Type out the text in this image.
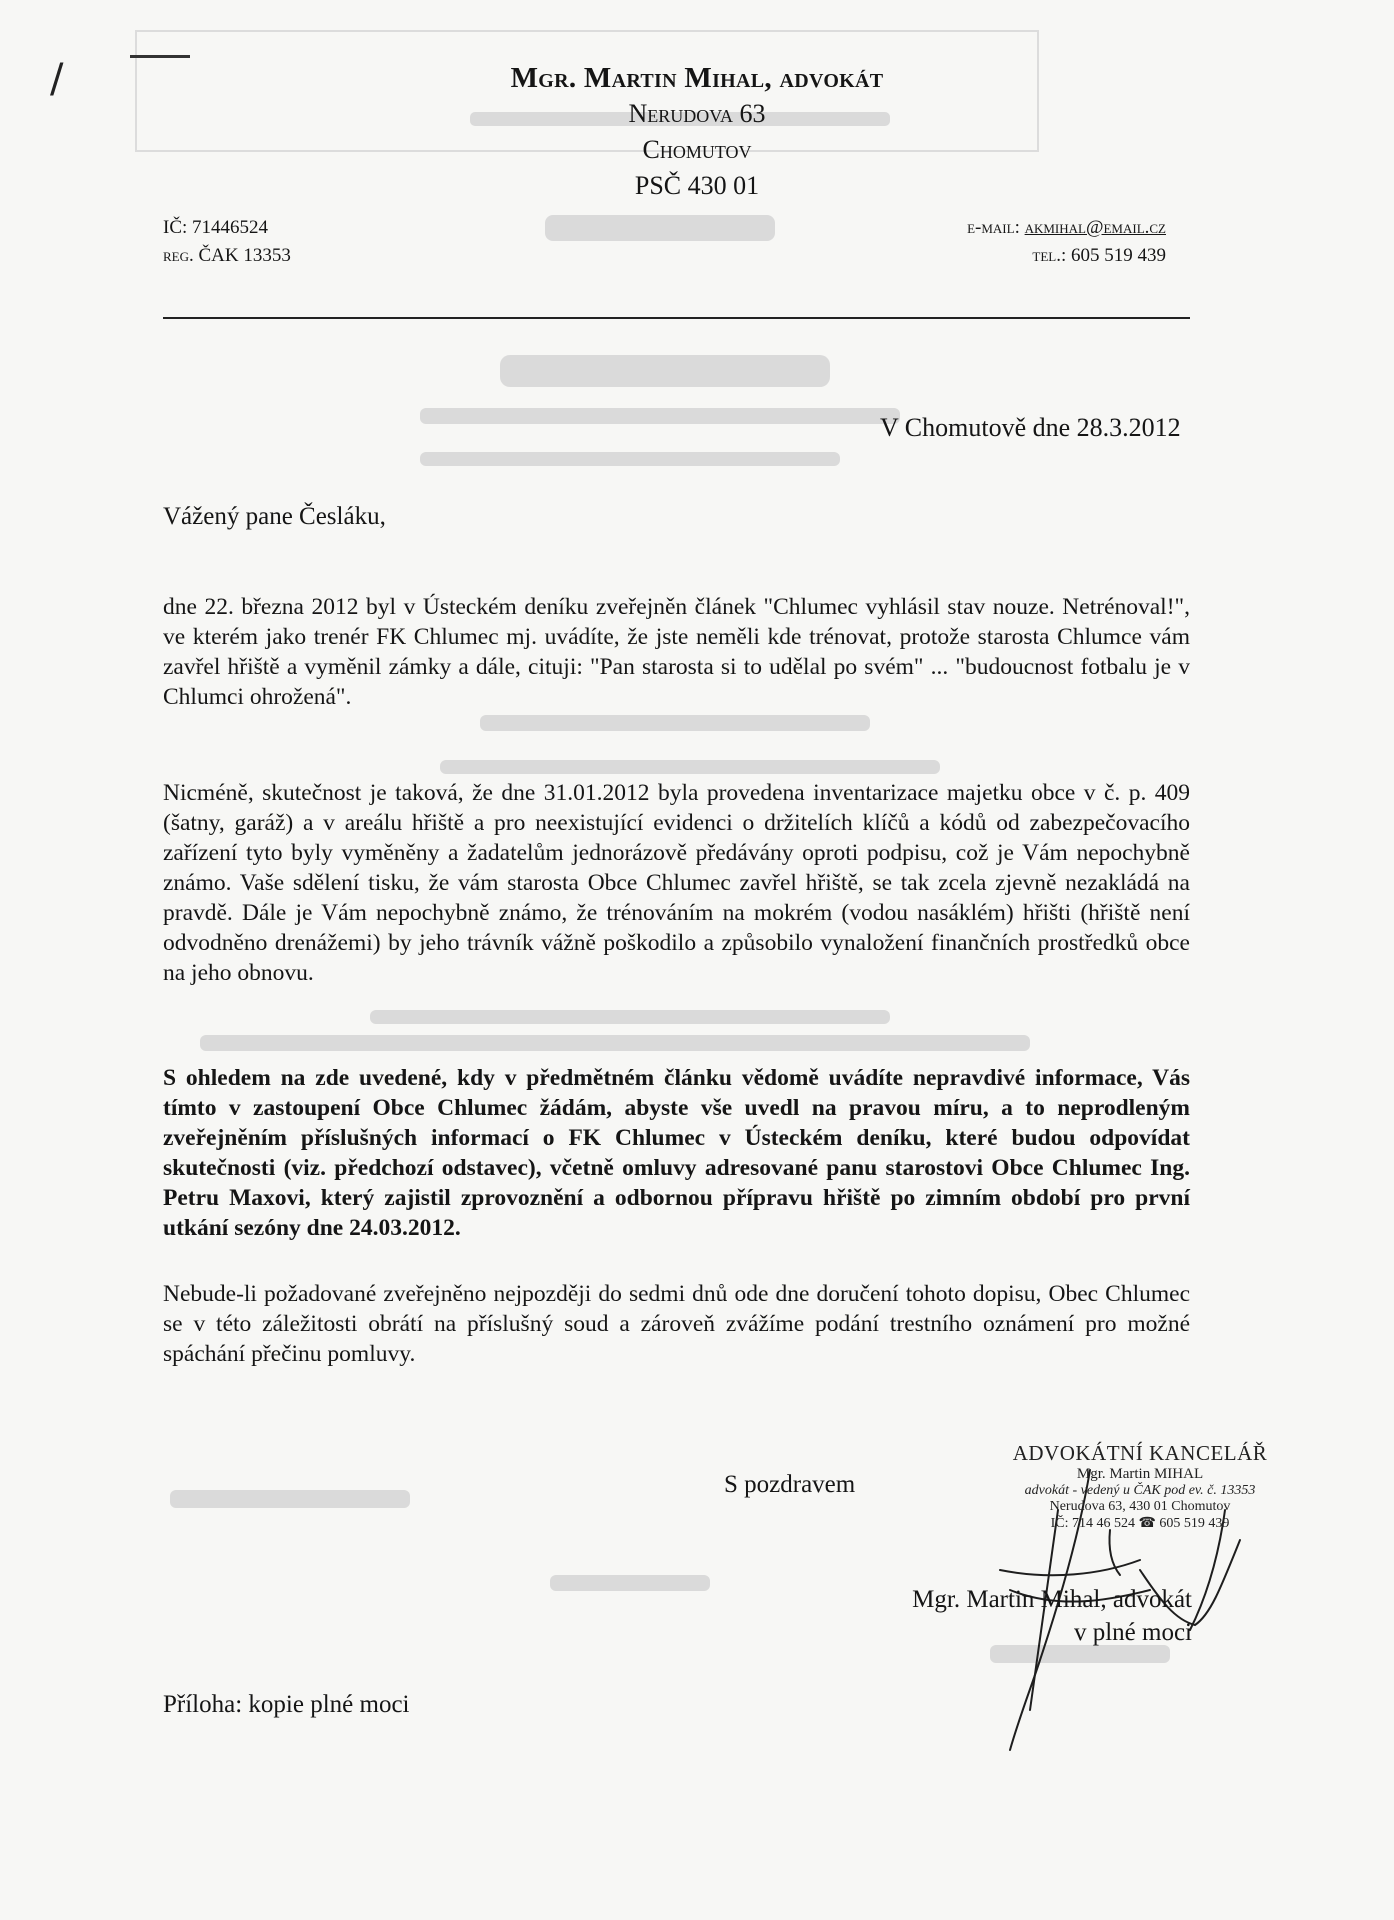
/	Mgr. Martin Mihal, advokát
Nerudova 63
Chomutov
PSČ 430 01
IČ: 71446524
reg. ČAK 13353
e-mail: akmihal@email.cz
tel.: 605 519 439
V Chomutově dne 28.3.2012
Vážený pane Česláku,
dne 22. března 2012 byl v Ústeckém deníku zveřejněn článek "Chlumec vyhlásil stav nouze. Netrénoval!", ve kterém jako trenér FK Chlumec mj. uvádíte, že jste neměli kde trénovat, protože starosta Chlumce vám zavřel hřiště a vyměnil zámky a dále, cituji: "Pan starosta si to udělal po svém" ... "budoucnost fotbalu je v Chlumci ohrožená".
Nicméně, skutečnost je taková, že dne 31.01.2012 byla provedena inventarizace majetku obce v č. p. 409 (šatny, garáž) a v areálu hřiště a pro neexistující evidenci o držitelích klíčů a kódů od zabezpečovacího zařízení tyto byly vyměněny a žadatelům jednorázově předávány oproti podpisu, což je Vám nepochybně známo. Vaše sdělení tisku, že vám starosta Obce Chlumec zavřel hřiště, se tak zcela zjevně nezakládá na pravdě. Dále je Vám nepochybně známo, že trénováním na mokrém (vodou nasáklém) hřišti (hřiště není odvodněno drenážemi) by jeho trávník vážně poškodilo a způsobilo vynaložení finančních prostředků obce na jeho obnovu.
S ohledem na zde uvedené, kdy v předmětném článku vědomě uvádíte nepravdivé informace, Vás tímto v zastoupení Obce Chlumec žádám, abyste vše uvedl na pravou míru, a to neprodleným zveřejněním příslušných informací o FK Chlumec v Ústeckém deníku, které budou odpovídat skutečnosti (viz. předchozí odstavec), včetně omluvy adresované panu starostovi Obce Chlumec Ing. Petru Maxovi, který zajistil zprovoznění a odbornou přípravu hřiště po zimním období pro první utkání sezóny dne 24.03.2012.
Nebude-li požadované zveřejněno nejpozději do sedmi dnů ode dne doručení tohoto dopisu, Obec Chlumec se v této záležitosti obrátí na příslušný soud a zároveň zvážíme podání trestního oznámení pro možné spáchání přečinu pomluvy.
S pozdravem
ADVOKÁTNÍ KANCELÁŘ
Mgr. Martin MIHAL
advokát - vedený u ČAK pod ev. č. 13353
Nerudova 63, 430 01 Chomutov
IČ: 714 46 524 ☎ 605 519 439
Mgr. Martin Mihal, advokát
v plné moci
Příloha: kopie plné moci
